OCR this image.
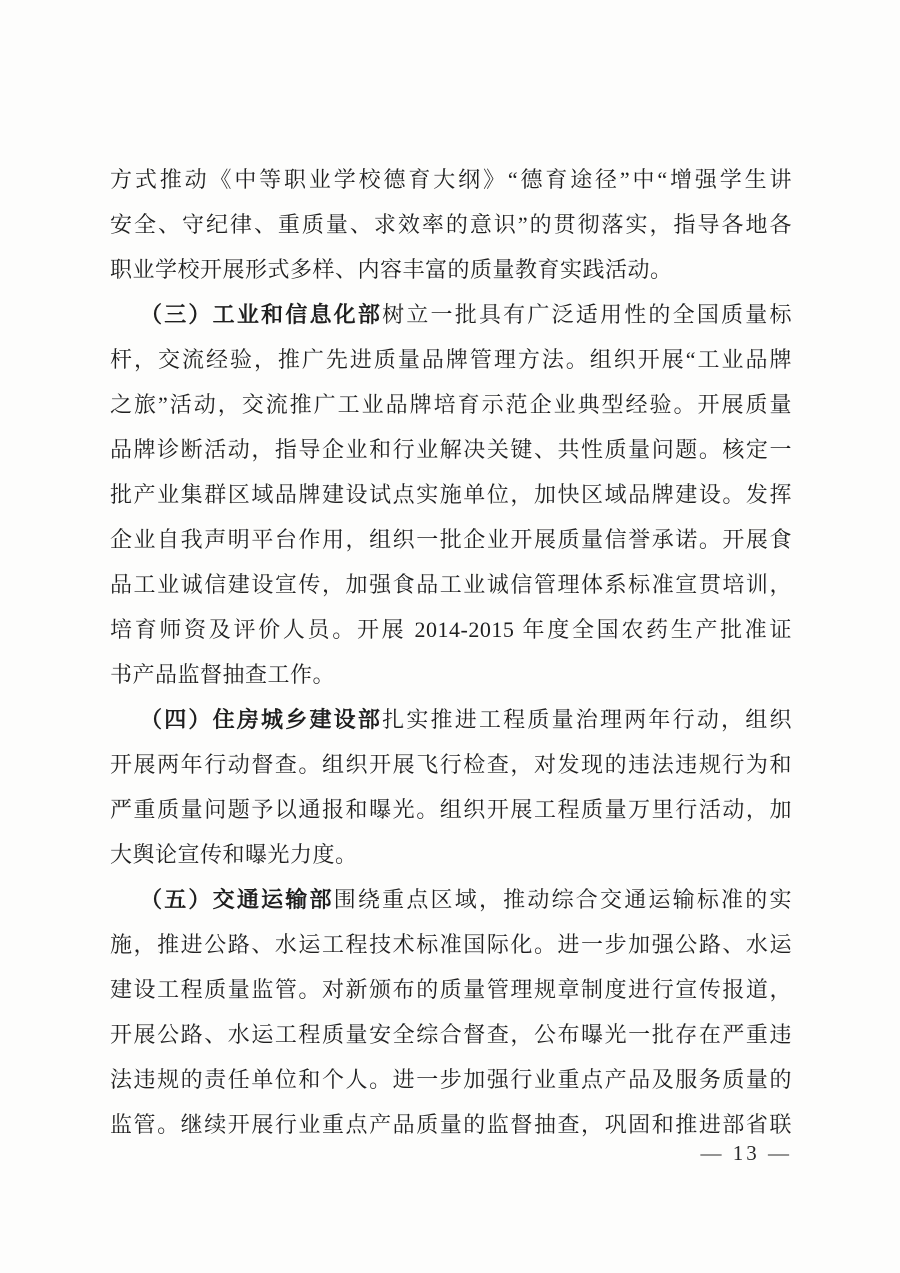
方式推动《中等职业学校德育大纲》“德育途径”中“增强学生讲

安全、守纪律、重质量、求效率的意识”的贯彻落实，指导各地各

职业学校开展形式多样、内容丰富的质量教育实践活动。

（三）工业和信息化部树立一批具有广泛适用性的全国质量标

杆，交流经验，推广先进质量品牌管理方法。组织开展“工业品牌

之旅”活动，交流推广工业品牌培育示范企业典型经验。开展质量

品牌诊断活动，指导企业和行业解决关键、共性质量问题。核定一

批产业集群区域品牌建设试点实施单位，加快区域品牌建设。发挥

企业自我声明平台作用，组织一批企业开展质量信誉承诺。开展食

品工业诚信建设宣传，加强食品工业诚信管理体系标准宣贯培训，

培育师资及评价人员。开展 2014-2015 年度全国农药生产批准证

书产品监督抽查工作。

（四）住房城乡建设部扎实推进工程质量治理两年行动，组织

开展两年行动督查。组织开展飞行检查，对发现的违法违规行为和

严重质量问题予以通报和曝光。组织开展工程质量万里行活动，加

大舆论宣传和曝光力度。

（五）交通运输部围绕重点区域，推动综合交通运输标准的实

施，推进公路、水运工程技术标准国际化。进一步加强公路、水运

建设工程质量监管。对新颁布的质量管理规章制度进行宣传报道，

开展公路、水运工程质量安全综合督查，公布曝光一批存在严重违

法违规的责任单位和个人。进一步加强行业重点产品及服务质量的

监管。继续开展行业重点产品质量的监督抽查，巩固和推进部省联

— 13 —
